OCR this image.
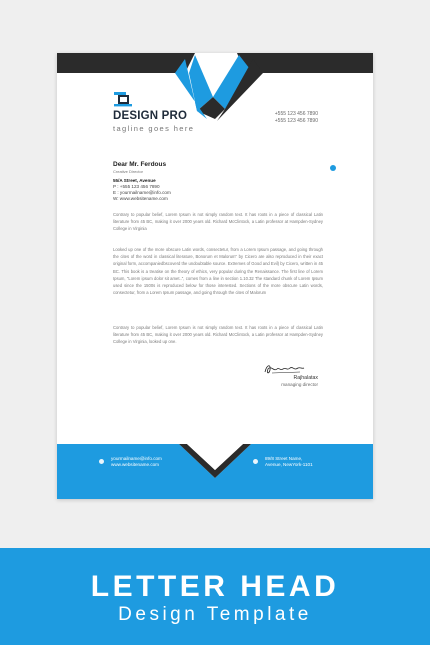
DESIGN PRO
tagline goes here
+555 123 456 7890
+555 123 456 7890
Dear Mr. Ferdous
Creative Director
55/A Street, Avenue
P : +555 123 456 7890
E : yourmailname@info.com
W: www.websitename.com
Contrary to popular belief, Lorem Ipsum is not simply random text. It has roots in a piece of classical Latin literature from 45 BC, making it over 2000 years old. Richard McClintock, a Latin professor at Hampden-Sydney College in Virginia
Looked up one of the more obscure Latin words, consectetur, from a Lorem Ipsum passage, and going through the cites of the word in classical literature, Bonorum et Malorum" by Cicero are also reproduced in their exact original form, accompaniedbscoverd the undoubtable source. Extremes of Good and Evil) by Cicero, written in 45 BC. This book is a treatise on the theory of ethics, very popular during the Renaissance. The first line of Lorem Ipsum, "Lorem ipsum dolor sit amet..", comes from a line in section 1.10.32 The standard chunk of Lorem Ipsum used since the 1500s is reproduced below for those interested. Sections of the more obscure Latin words, consectetur, from a Lorem Ipsum passage, and going through the cites of Malorum
Contrary to popular belief, Lorem Ipsum is not simply random text. It has roots in a piece of classical Latin literature from 45 BC, making it over 2000 years old. Richard McClintock, a Latin professor at Hampden-Sydney College in Virginia, looked up one.
Rajhalatax
managing director
yourmailname@info.com
www.websitename.com
89/8 Street Name,
Avenue, NewYork-1101
LETTER HEAD
Design Template
